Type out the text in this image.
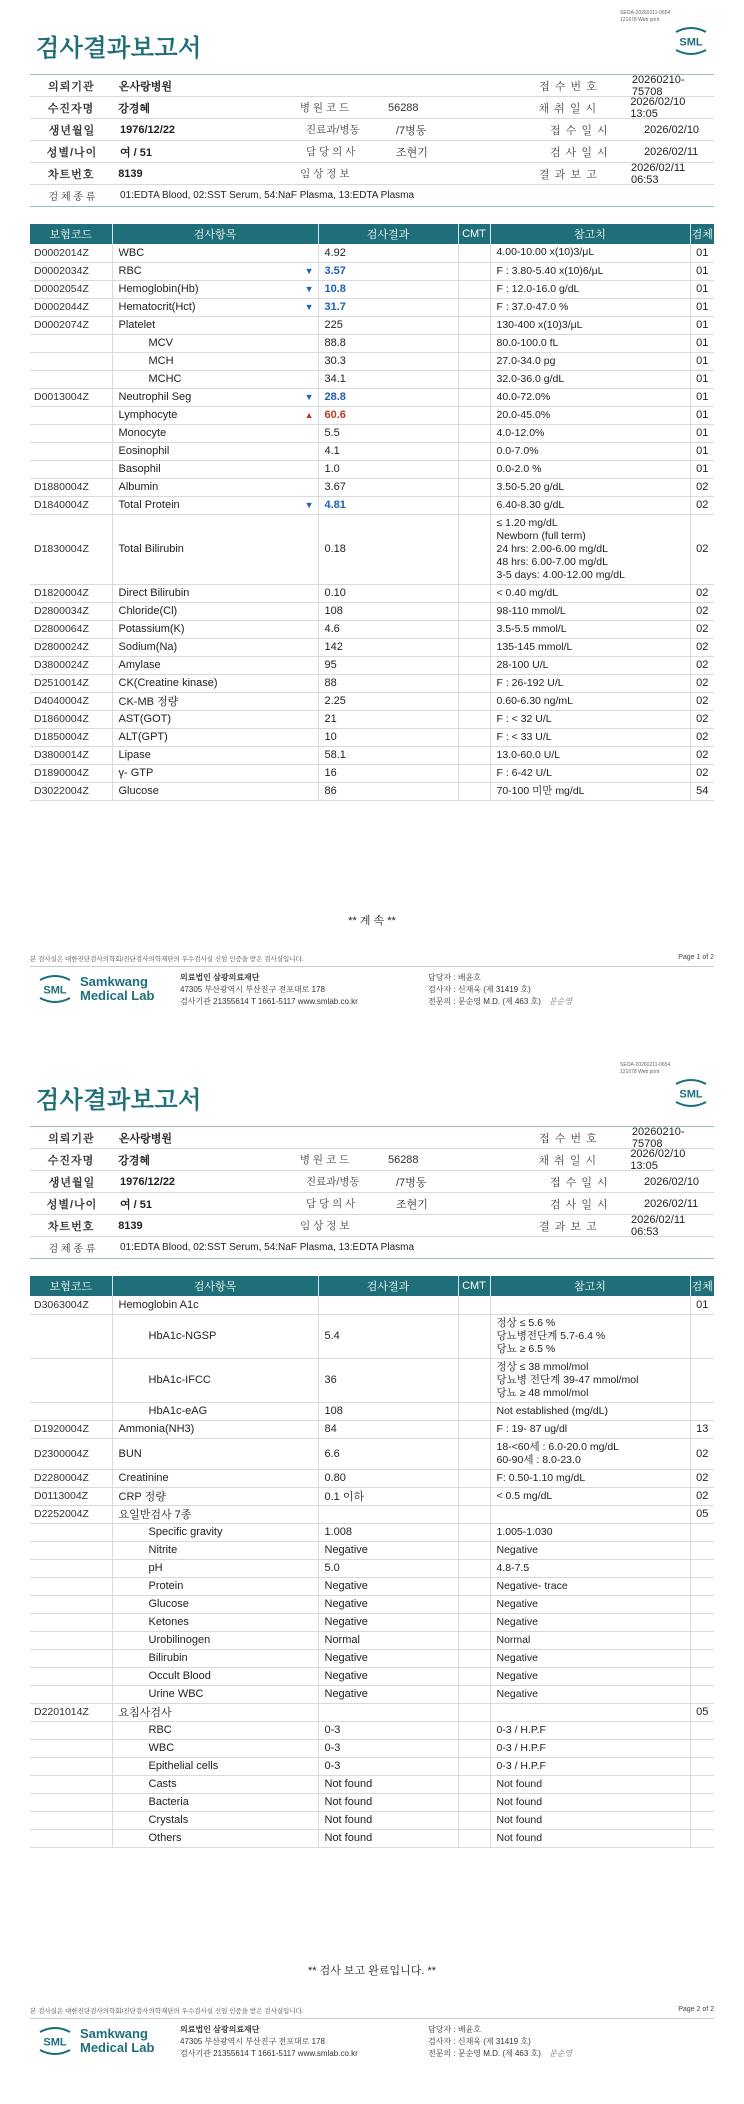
SEOA-20260211-0654
121678 Web print
SML
검사결과보고서
의뢰기관	온사랑병원	접 수 번 호
20260210-75708
수진자명	강경혜	병 원 코 드	56288	채 취 일 시
2026/02/10 13:05
생년월일	1976/12/22	진료과/병동	/7병동	접 수 일 시	2026/02/10
성별/나이	여 / 51	담 당 의 사	조현기	검 사 일 시	2026/02/11
차트번호	8139	임 상 정 보	결 과 보 고
2026/02/11 06:53
검 체 종 류	01:EDTA Blood, 02:SST Serum, 54:NaF Plasma, 13:EDTA Plasma
보험코드	검사항목	검사결과	CMT	참고치	검체
D0002014Z	WBC	4.92		4.00-10.00 x(10)3/μL	01
D0002034Z	RBC ▼	3.57		F : 3.80-5.40 x(10)6/μL	01
D0002054Z	Hemoglobin(Hb) ▼	10.8		F : 12.0-16.0 g/dL	01
D0002044Z	Hematocrit(Hct) ▼	31.7		F : 37.0-47.0 %	01
D0002074Z	Platelet	225		130-400 x(10)3/μL	01
	MCV	88.8		80.0-100.0 fL	01
	MCH	30.3		27.0-34.0 pg	01
	MCHC	34.1		32.0-36.0 g/dL	01
D0013004Z	Neutrophil Seg ▼	28.8		40.0-72.0%	01
	Lymphocyte ▲	60.6		20.0-45.0%	01
	Monocyte	5.5		4.0-12.0%	01
	Eosinophil	4.1		0.0-7.0%	01
	Basophil	1.0		0.0-2.0 %	01
D1880004Z	Albumin	3.67		3.50-5.20 g/dL	02
D1840004Z	Total Protein ▼	4.81		6.40-8.30 g/dL	02
D1830004Z	Total Bilirubin	0.18		≤ 1.20 mg/dL
Newborn (full term)
24 hrs: 2.00-6.00 mg/dL
48 hrs: 6.00-7.00 mg/dL
3-5 days: 4.00-12.00 mg/dL	02
D1820004Z	Direct Bilirubin	0.10		< 0.40 mg/dL	02
D2800034Z	Chloride(Cl)	108		98-110 mmol/L	02
D2800064Z	Potassium(K)	4.6		3.5-5.5 mmol/L	02
D2800024Z	Sodium(Na)	142		135-145 mmol/L	02
D3800024Z	Amylase	95		28-100 U/L	02
D2510014Z	CK(Creatine kinase)	88		F : 26-192 U/L	02
D4040004Z	CK-MB 정량	2.25		0.60-6.30 ng/mL	02
D1860004Z	AST(GOT)	21		F : < 32 U/L	02
D1850004Z	ALT(GPT)	10		F : < 33 U/L	02
D3800014Z	Lipase	58.1		13.0-60.0 U/L	02
D1890004Z	γ- GTP	16		F : 6-42 U/L	02
D3022004Z	Glucose	86		70-100 미만 mg/dL	54
** 계 속 **
본 검사실은 대한진단검사의학회/진단검사의학재단의 우수검사실 신임 인증을 받은 검사실입니다.	Page 1 of 2
SML
Samkwang
Medical Lab
의료법인 삼광의료재단
47305 부산광역시 부산진구 전포대로 178
검사기관 21355614 T 1661-5117 www.smlab.co.kr
담당자 : 배윤호
검사자 : 신재욱 (제 31419 호)
전문의 : 문순영 M.D. (제 463 호) 문순영
SEOA-20260211-0654
121678 Web print
SML
검사결과보고서
의뢰기관	온사랑병원	접 수 번 호
20260210-75708
수진자명	강경혜	병 원 코 드	56288	채 취 일 시
2026/02/10 13:05
생년월일	1976/12/22	진료과/병동	/7병동	접 수 일 시	2026/02/10
성별/나이	여 / 51	담 당 의 사	조현기	검 사 일 시	2026/02/11
차트번호	8139	임 상 정 보	결 과 보 고
2026/02/11 06:53
검 체 종 류	01:EDTA Blood, 02:SST Serum, 54:NaF Plasma, 13:EDTA Plasma
보험코드	검사항목	검사결과	CMT	참고치	검체
D3063004Z	Hemoglobin A1c				01
	HbA1c-NGSP	5.4		정상 ≤ 5.6 %
당뇨병전단계 5.7-6.4 %
당뇨 ≥ 6.5 %	

	HbA1c-IFCC	36		정상 ≤ 38 mmol/mol
당뇨병 전단계 39-47 mmol/mol
당뇨 ≥ 48 mmol/mol	

	HbA1c-eAG	108		Not established (mg/dL)	

D1920004Z	Ammonia(NH3)	84		F : 19- 87 ug/dl	13
D2300004Z	BUN	6.6		18-<60세 : 6.0-20.0 mg/dL
60-90세 : 8.0-23.0	02
D2280004Z	Creatinine	0.80		F: 0.50-1.10 mg/dL	02
D0113004Z	CRP 정량	0.1 이하		< 0.5 mg/dL	02
D2252004Z	요일반검사 7종				05
	Specific gravity	1.008		1.005-1.030	

	Nitrite	Negative		Negative	

	pH	5.0		4.8-7.5	

	Protein	Negative		Negative- trace	

	Glucose	Negative		Negative	

	Ketones	Negative		Negative	

	Urobilinogen	Normal		Normal	

	Bilirubin	Negative		Negative	

	Occult Blood	Negative		Negative	

	Urine WBC	Negative		Negative	

D2201014Z	요침사검사				05
	RBC	0-3		0-3 / H.P.F	

	WBC	0-3		0-3 / H.P.F	

	Epithelial cells	0-3		0-3 / H.P.F	

	Casts	Not found		Not found	

	Bacteria	Not found		Not found	

	Crystals	Not found		Not found	

	Others	Not found		Not found	

** 검사 보고 완료입니다. **
본 검사실은 대한진단검사의학회/진단검사의학재단의 우수검사실 신임 인증을 받은 검사실입니다.	Page 2 of 2
SML
Samkwang
Medical Lab
의료법인 삼광의료재단
47305 부산광역시 부산진구 전포대로 178
검사기관 21355614 T 1661-5117 www.smlab.co.kr
담당자 : 배윤호
검사자 : 신재욱 (제 31419 호)
전문의 : 문순영 M.D. (제 463 호) 문순영
